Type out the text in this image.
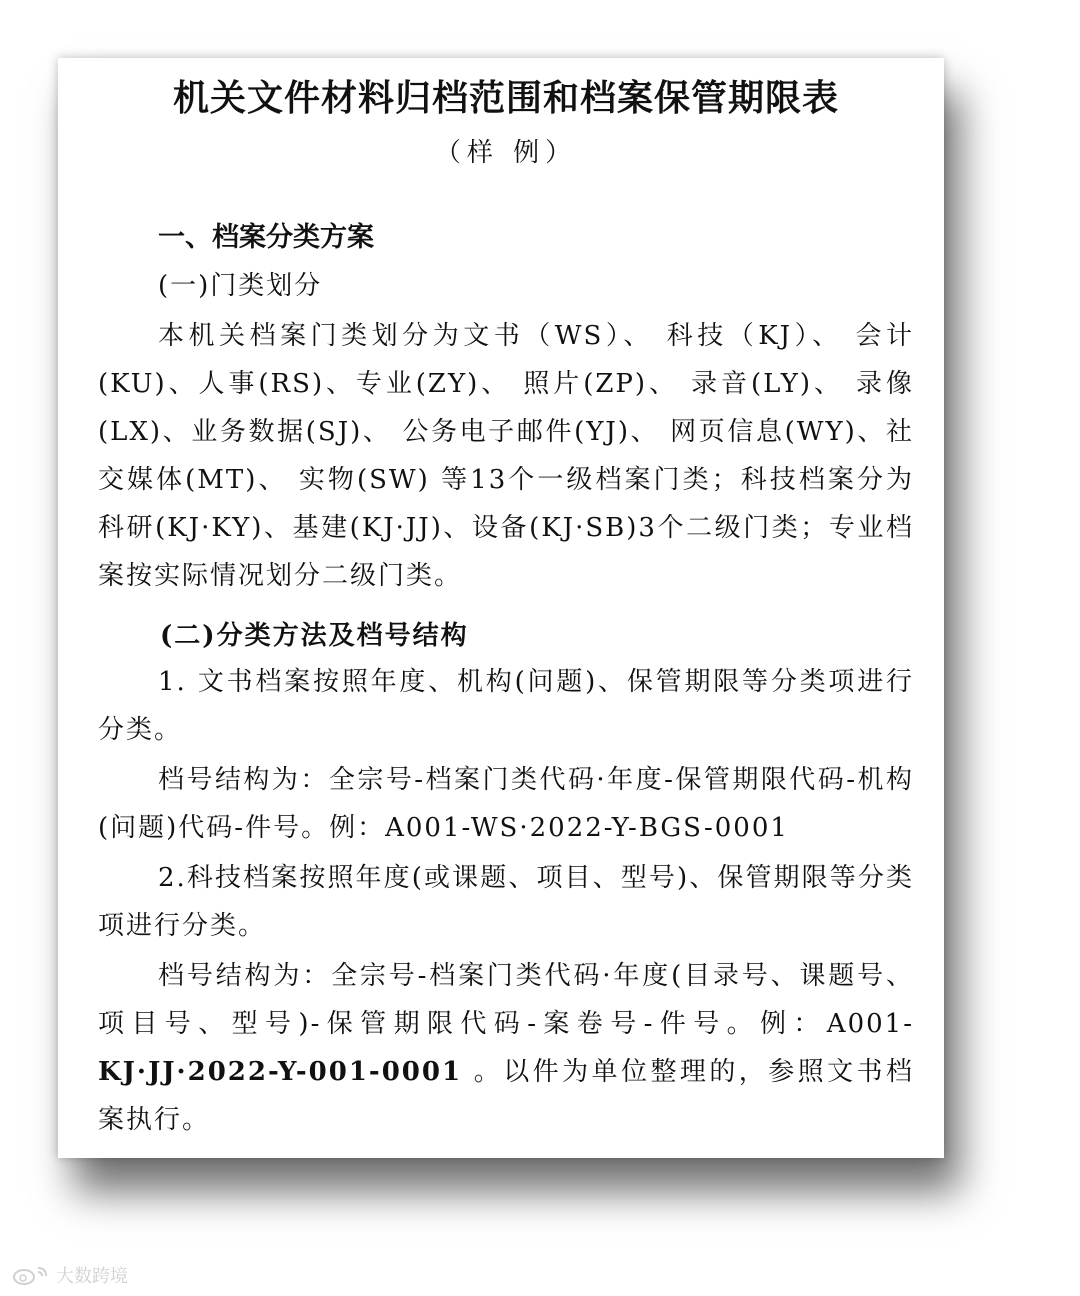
机关文件材料归档范围和档案保管期限表
（样 例）
一、档案分类方案
(一)门类划分

本机关档案门类划分为文书（WS）、 科技（KJ）、 会计(KU)、人事(RS)、专业(ZY)、 照片(ZP)、 录音(LY)、 录像(LX)、业务数据(SJ)、 公务电子邮件(YJ)、 网页信息(WY)、社交媒体(MT)、 实物(SW) 等13个一级档案门类；科技档案分为科研(KJ·KY)、基建(KJ·JJ)、设备(KJ·SB)3个二级门类；专业档案按实际情况划分二级门类。

(二)分类方法及档号结构

1. 文书档案按照年度、机构(问题)、保管期限等分类项进行分类。

档号结构为：全宗号-档案门类代码·年度-保管期限代码-机构(问题)代码-件号。例：A001-WS·2022-Y-BGS-0001

2.科技档案按照年度(或课题、项目、型号)、保管期限等分类项进行分类。

档号结构为：全宗号-档案门类代码·年度(目录号、课题号、项目号、型号)-保管期限代码-案卷号-件号。例：A001-KJ·JJ·2022-Y-001-0001 。以件为单位整理的，参照文书档案执行。

大数跨境
